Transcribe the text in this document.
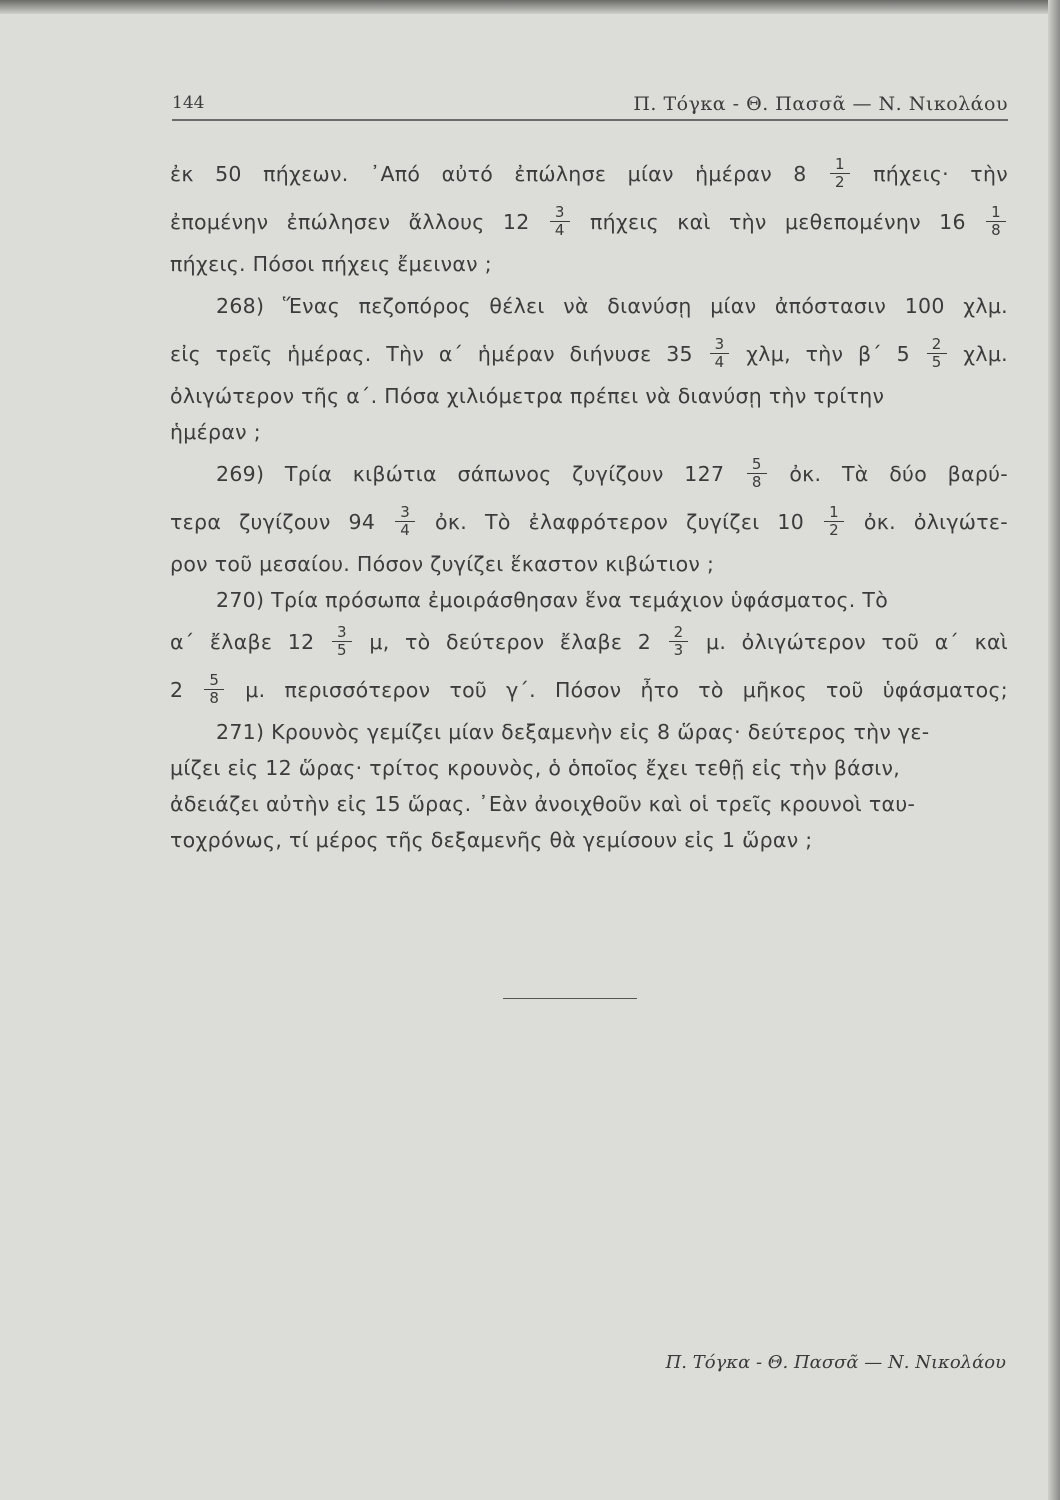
144	Π. Τόγκα - Θ. Πασσᾶ — Ν. Νικολάου
ἐκ 50 πήχεων. ᾽Από αὐτό ἐπώλησε μίαν ἡμέραν $8 \frac{1}{2} \pi ή\chi\varepsilon\iota\varsigma\cdot$ τὴν
ἐπομένην ἐπώλησεν ἄλλους $12 \frac{3}{4}$ πήχεις καὶ τὴν μεθεπομένην $16 \frac{1}{8}$
πήχεις. Πόσοι πήχεις ἔμειναν ;
268) Ἕνας πεζοπόρος θέλει νὰ διανύσῃ μίαν ἀπόστασιν 100 χλμ.
εἰς τρεῖς ἡμέρας. Τὴν α΄ ἡμέραν διήνυσε $35 \frac{3}{4} \chi\lambda\mu$, τὴν β΄ $5 \frac{2}{5} \chi\lambda\mu$.
ὀλιγώτερον τῆς α΄. Πόσα χιλιόμετρα πρέπει νὰ διανύσῃ τὴν τρίτην
ἡμέραν ;
269) Τρία κιβώτια σάπωνος ζυγίζουν $127 \frac{5}{8}$ ὀκ. Τὰ δύο βαρύ-
τερα ζυγίζουν $94 \frac{3}{4}$ ὀκ. Τὸ ἐλαφρότερον ζυγίζει $10 \frac{1}{2}$ ὀκ. ὀλιγώτε-
ρον τοῦ μεσαίου. Πόσον ζυγίζει ἕκαστον κιβώτιον ;
270) Τρία πρόσωπα ἐμοιράσθησαν ἕνα τεμάχιον ὑφάσματος. Τὸ
α΄ ἔλαβε $12 \frac{3}{5} \mu$, τὸ δεύτερον ἔλαβε $2 \frac{2}{3} \mu$. ὀλιγώτερον τοῦ α΄ καὶ
$2 \frac{5}{8} \mu$. περισσότερον τοῦ γ΄. Πόσον ἦτο τὸ μῆκος τοῦ ὑφάσματος;
271) Κρουνὸς γεμίζει μίαν δεξαμενὴν εἰς 8 ὥρας· δεύτερος τὴν γε-
μίζει εἰς 12 ὥρας· τρίτος κρουνὸς, ὁ ὁποῖος ἔχει τεθῇ εἰς τὴν βάσιν,
ἀδειάζει αὐτὴν εἰς 15 ὥρας. ᾽Εὰν ἀνοιχθοῦν καὶ οἱ τρεῖς κρουνοὶ ταυ-
τοχρόνως, τί μέρος τῆς δεξαμενῆς θὰ γεμίσουν εἰς 1 ὥραν ;
Π. Τόγκα - Θ. Πασσᾶ — Ν. Νικολάου
